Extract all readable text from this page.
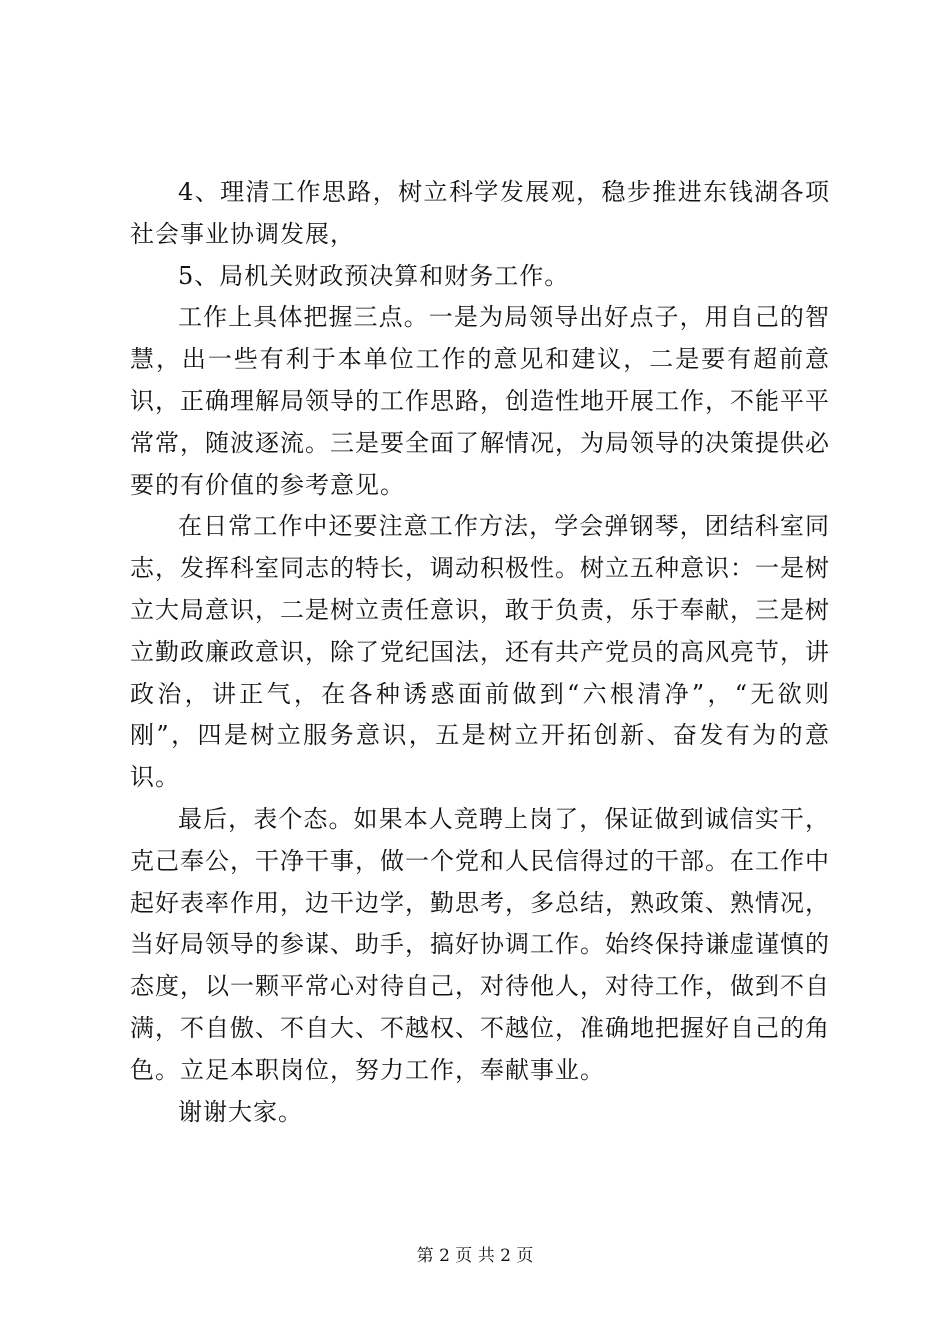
4、理清工作思路，树立科学发展观，稳步推进东钱湖各项社会事业协调发展，

5、局机关财政预决算和财务工作。

工作上具体把握三点。一是为局领导出好点子，用自己的智慧，出一些有利于本单位工作的意见和建议，二是要有超前意识，正确理解局领导的工作思路，创造性地开展工作，不能平平常常，随波逐流。三是要全面了解情况，为局领导的决策提供必要的有价值的参考意见。

在日常工作中还要注意工作方法，学会弹钢琴，团结科室同志，发挥科室同志的特长，调动积极性。树立五种意识：一是树立大局意识，二是树立责任意识，敢于负责，乐于奉献，三是树立勤政廉政意识，除了党纪国法，还有共产党员的高风亮节，讲政治，讲正气，在各种诱惑面前做到“六根清净”，“无欲则刚”，四是树立服务意识，五是树立开拓创新、奋发有为的意识。

最后，表个态。如果本人竞聘上岗了，保证做到诚信实干，克己奉公，干净干事，做一个党和人民信得过的干部。在工作中起好表率作用，边干边学，勤思考，多总结，熟政策、熟情况，当好局领导的参谋、助手，搞好协调工作。始终保持谦虚谨慎的态度，以一颗平常心对待自己，对待他人，对待工作，做到不自满，不自傲、不自大、不越权、不越位，准确地把握好自己的角色。立足本职岗位，努力工作，奉献事业。

谢谢大家。

第 2 页 共 2 页
